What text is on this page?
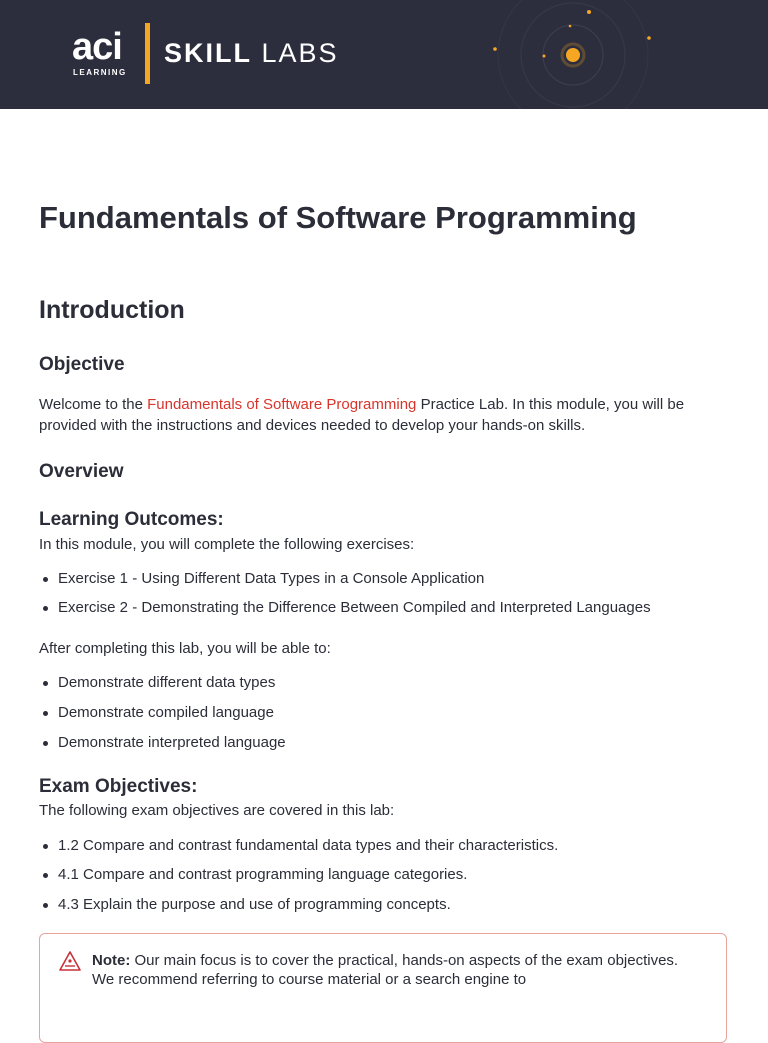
aci
LEARNING
SKILL LABS
Fundamentals of Software Programming
Introduction
Objective

Welcome to the Fundamentals of Software Programming Practice Lab. In this module, you will be provided with the instructions and devices needed to develop your hands-on skills.

Overview
Learning Outcomes:

In this module, you will complete the following exercises:

Exercise 1 - Using Different Data Types in a Console Application
Exercise 2 - Demonstrating the Difference Between Compiled and Interpreted Languages

After completing this lab, you will be able to:

Demonstrate different data types
Demonstrate compiled language
Demonstrate interpreted language
Exam Objectives:

The following exam objectives are covered in this lab:

1.2 Compare and contrast fundamental data types and their characteristics.
4.1 Compare and contrast programming language categories.
4.3 Explain the purpose and use of programming concepts.
Note: Our main focus is to cover the practical, hands-on aspects of the exam objectives. We recommend referring to course material or a search engine to
